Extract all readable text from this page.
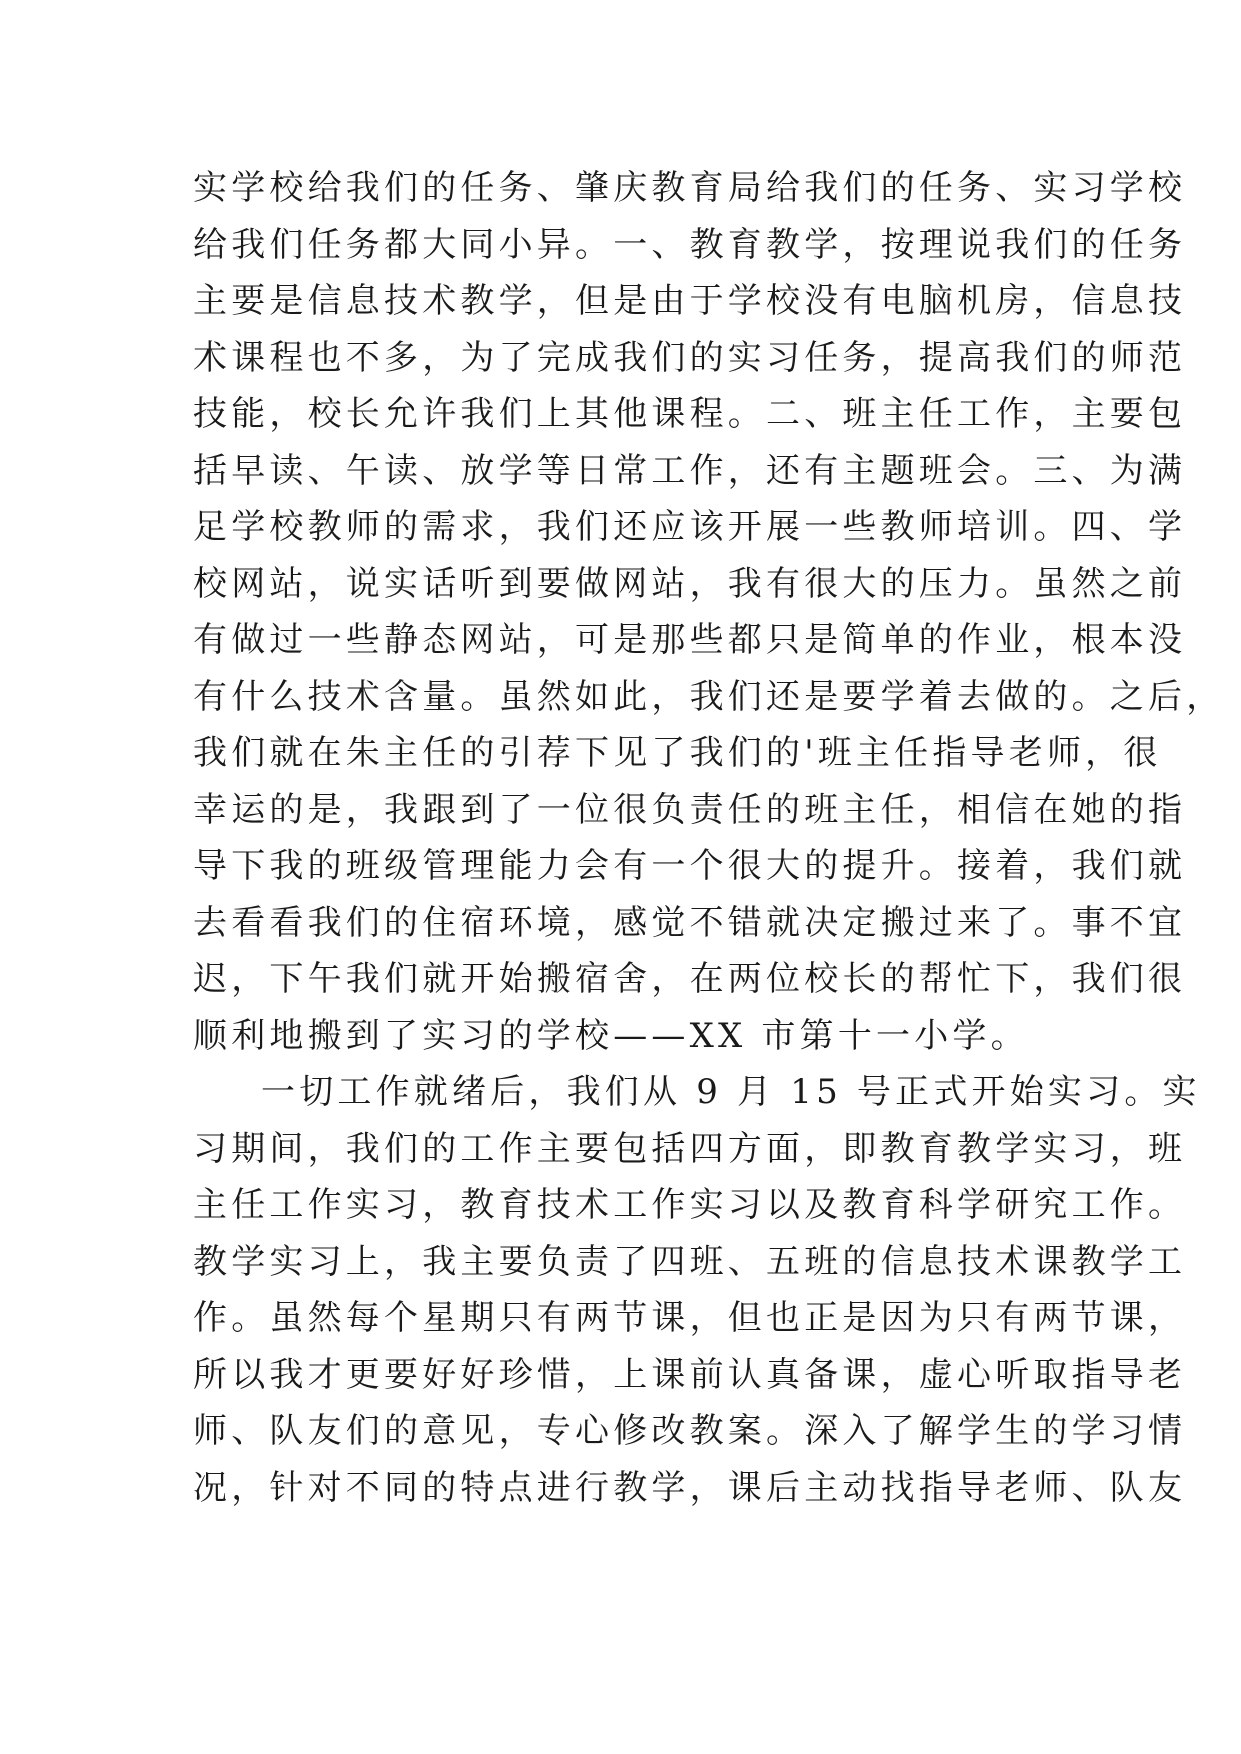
实学校给我们的任务、肇庆教育局给我们的任务、实习学校
给我们任务都大同小异。一、教育教学，按理说我们的任务
主要是信息技术教学，但是由于学校没有电脑机房，信息技
术课程也不多，为了完成我们的实习任务，提高我们的师范
技能，校长允许我们上其他课程。二、班主任工作，主要包
括早读、午读、放学等日常工作，还有主题班会。三、为满
足学校教师的需求，我们还应该开展一些教师培训。四、学
校网站，说实话听到要做网站，我有很大的压力。虽然之前
有做过一些静态网站，可是那些都只是简单的作业，根本没
有什么技术含量。虽然如此，我们还是要学着去做的。之后，
我们就在朱主任的引荐下见了我们的'班主任指导老师，很
幸运的是，我跟到了一位很负责任的班主任，相信在她的指
导下我的班级管理能力会有一个很大的提升。接着，我们就
去看看我们的住宿环境，感觉不错就决定搬过来了。事不宜
迟，下午我们就开始搬宿舍，在两位校长的帮忙下，我们很
顺利地搬到了实习的学校——XX 市第十一小学。
一切工作就绪后，我们从 9 月 15 号正式开始实习。实
习期间，我们的工作主要包括四方面，即教育教学实习，班
主任工作实习，教育技术工作实习以及教育科学研究工作。
教学实习上，我主要负责了四班、五班的信息技术课教学工
作。虽然每个星期只有两节课，但也正是因为只有两节课，
所以我才更要好好珍惜，上课前认真备课，虚心听取指导老
师、队友们的意见，专心修改教案。深入了解学生的学习情
况，针对不同的特点进行教学，课后主动找指导老师、队友
